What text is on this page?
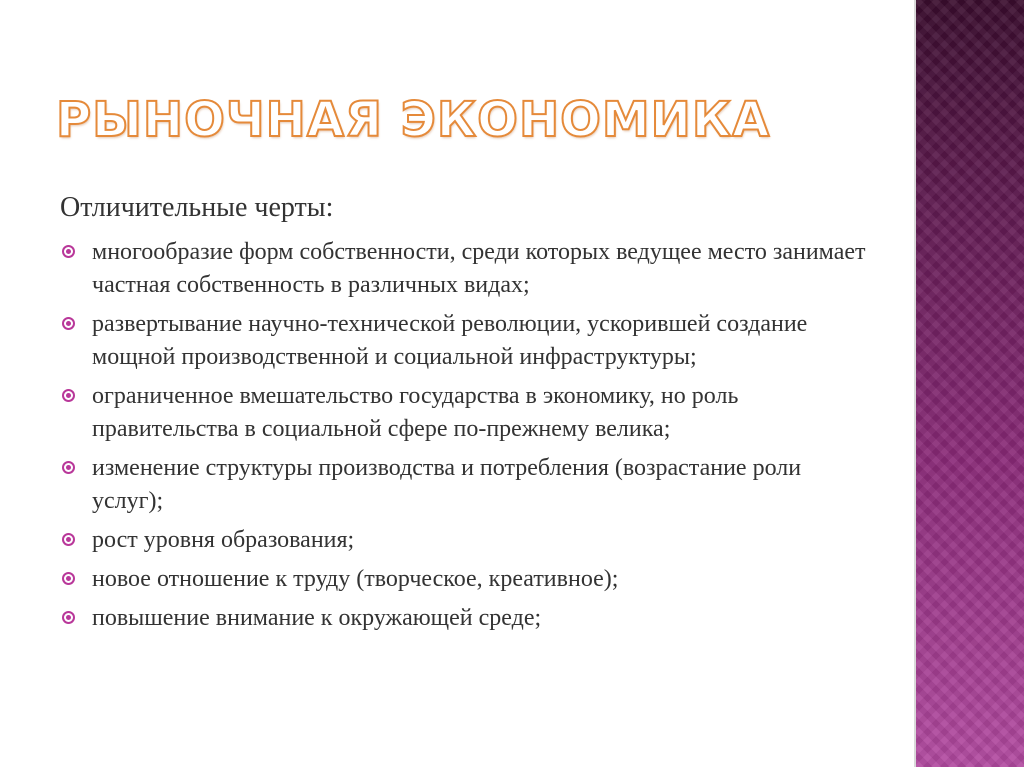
РЫНОЧНАЯ ЭКОНОМИКА

Отличительные черты:

многообразие форм собственности, среди которых ведущее место занимает частная собственность в различных видах;
развертывание научно-технической революции, ускорившей создание мощной производственной и социальной инфраструктуры;
ограниченное вмешательство государства в экономику, но роль правительства в социальной сфере по-прежнему велика;
изменение структуры производства и потребления (возрастание роли услуг);
рост уровня образования;
новое отношение к труду (творческое, креативное);
повышение внимание к окружающей среде;
